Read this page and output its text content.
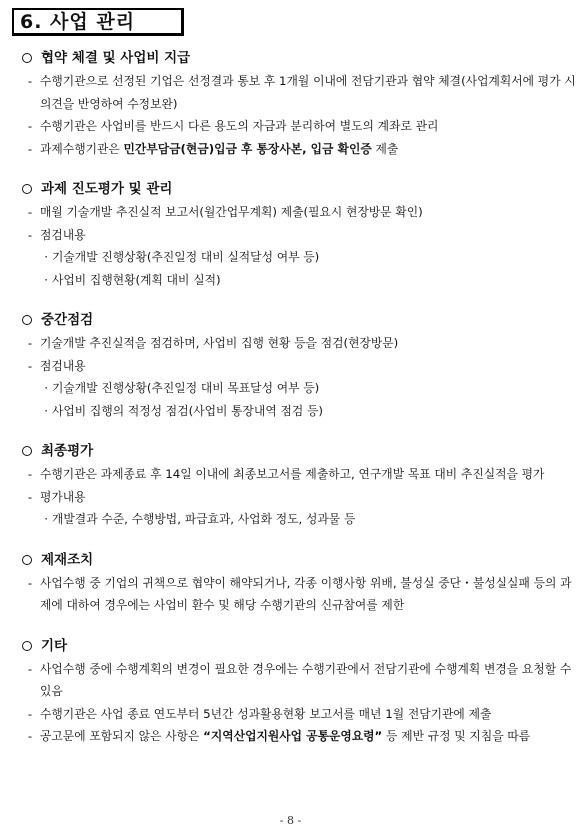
6. 사업 관리
협약 체결 및 사업비 지급
- 수행기관으로 선정된 기업은 선정결과 통보 후 1개월 이내에 전담기관과 협약 체결(사업계획서에 평가 시 의견을 반영하여 수정보완)
- 수행기관은 사업비를 반드시 다른 용도의 자금과 분리하여 별도의 계좌로 관리
- 과제수행기관은 민간부담금(현금)입금 후 통장사본, 입금 확인증 제출
과제 진도평가 및 관리
- 매월 기술개발 추진실적 보고서(월간업무계획) 제출(필요시 현장방문 확인)
- 점검내용
· 기술개발 진행상황(추진일정 대비 실적달성 여부 등)
· 사업비 집행현황(계획 대비 실적)
중간점검
- 기술개발 추진실적을 점검하며, 사업비 집행 현황 등을 점검(현장방문)
- 점검내용
· 기술개발 진행상황(추진일정 대비 목표달성 여부 등)
· 사업비 집행의 적정성 점검(사업비 통장내역 점검 등)
최종평가
- 수행기관은 과제종료 후 14일 이내에 최종보고서를 제출하고, 연구개발 목표 대비 추진실적을 평가
- 평가내용
· 개발결과 수준, 수행방법, 파급효과, 사업화 정도, 성과물 등
제재조치
- 사업수행 중 기업의 귀책으로 협약이 해약되거나, 각종 이행사항 위배, 불성실 중단・불성실실패 등의 과제에 대하여 경우에는 사업비 환수 및 해당 수행기관의 신규참여를 제한
기타
- 사업수행 중에 수행계획의 변경이 필요한 경우에는 수행기관에서 전담기관에 수행계획 변경을 요청할 수 있음
- 수행기관은 사업 종료 연도부터 5년간 성과활용현황 보고서를 매년 1월 전담기관에 제출
- 공고문에 포함되지 않은 사항은 “지역산업지원사업 공통운영요령” 등 제반 규정 및 지침을 따름
- 8 -
